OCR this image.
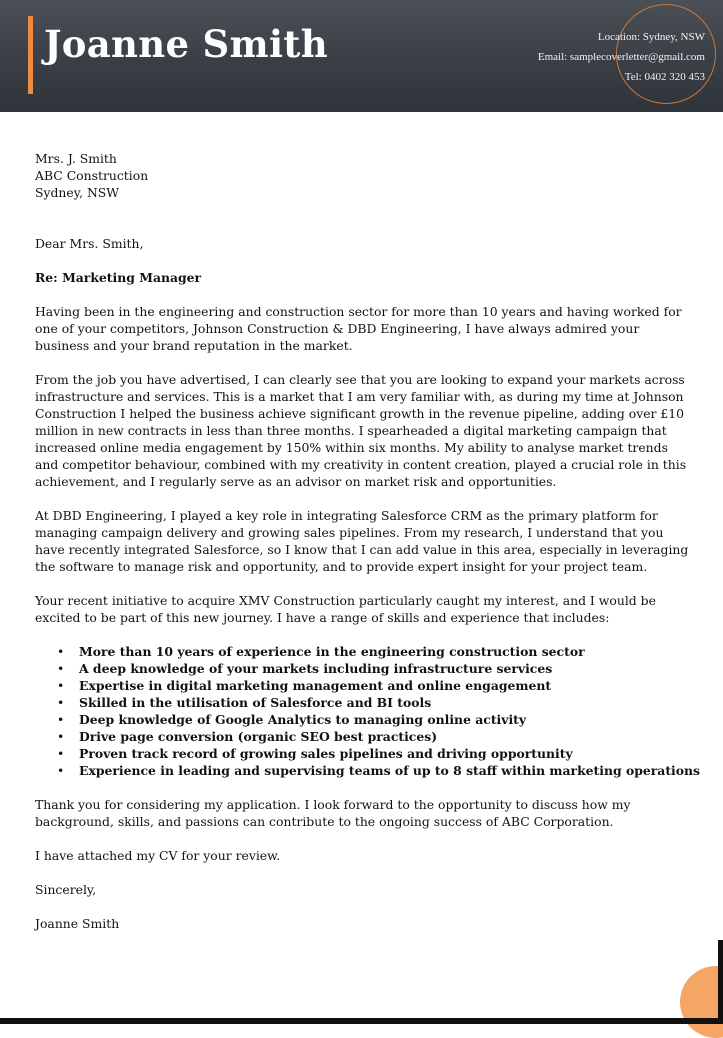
Joanne Smith	Location: Sydney, NSW
Email: samplecoverletter@gmail.com
Tel: 0402 320 453

Mrs. J. Smith
ABC Construction
Sydney, NSW

Dear Mrs. Smith,

Re: Marketing Manager

Having been in the engineering and construction sector for more than 10 years and having worked for one of your competitors, Johnson Construction & DBD Engineering, I have always admired your business and your brand reputation in the market.

From the job you have advertised, I can clearly see that you are looking to expand your markets across infrastructure and services. This is a market that I am very familiar with, as during my time at Johnson Construction I helped the business achieve significant growth in the revenue pipeline, adding over £10 million in new contracts in less than three months. I spearheaded a digital marketing campaign that increased online media engagement by 150% within six months. My ability to analyse market trends and competitor behaviour, combined with my creativity in content creation, played a crucial role in this achievement, and I regularly serve as an advisor on market risk and opportunities.

At DBD Engineering, I played a key role in integrating Salesforce CRM as the primary platform for managing campaign delivery and growing sales pipelines. From my research, I understand that you have recently integrated Salesforce, so I know that I can add value in this area, especially in leveraging the software to manage risk and opportunity, and to provide expert insight for your project team.

Your recent initiative to acquire XMV Construction particularly caught my interest, and I would be excited to be part of this new journey. I have a range of skills and experience that includes:

• More than 10 years of experience in the engineering construction sector
• A deep knowledge of your markets including infrastructure services
• Expertise in digital marketing management and online engagement
• Skilled in the utilisation of Salesforce and BI tools
• Deep knowledge of Google Analytics to managing online activity
• Drive page conversion (organic SEO best practices)
• Proven track record of growing sales pipelines and driving opportunity
• Experience in leading and supervising teams of up to 8 staff within marketing operations

Thank you for considering my application. I look forward to the opportunity to discuss how my background, skills, and passions can contribute to the ongoing success of ABC Corporation.

I have attached my CV for your review.

Sincerely,

Joanne Smith
